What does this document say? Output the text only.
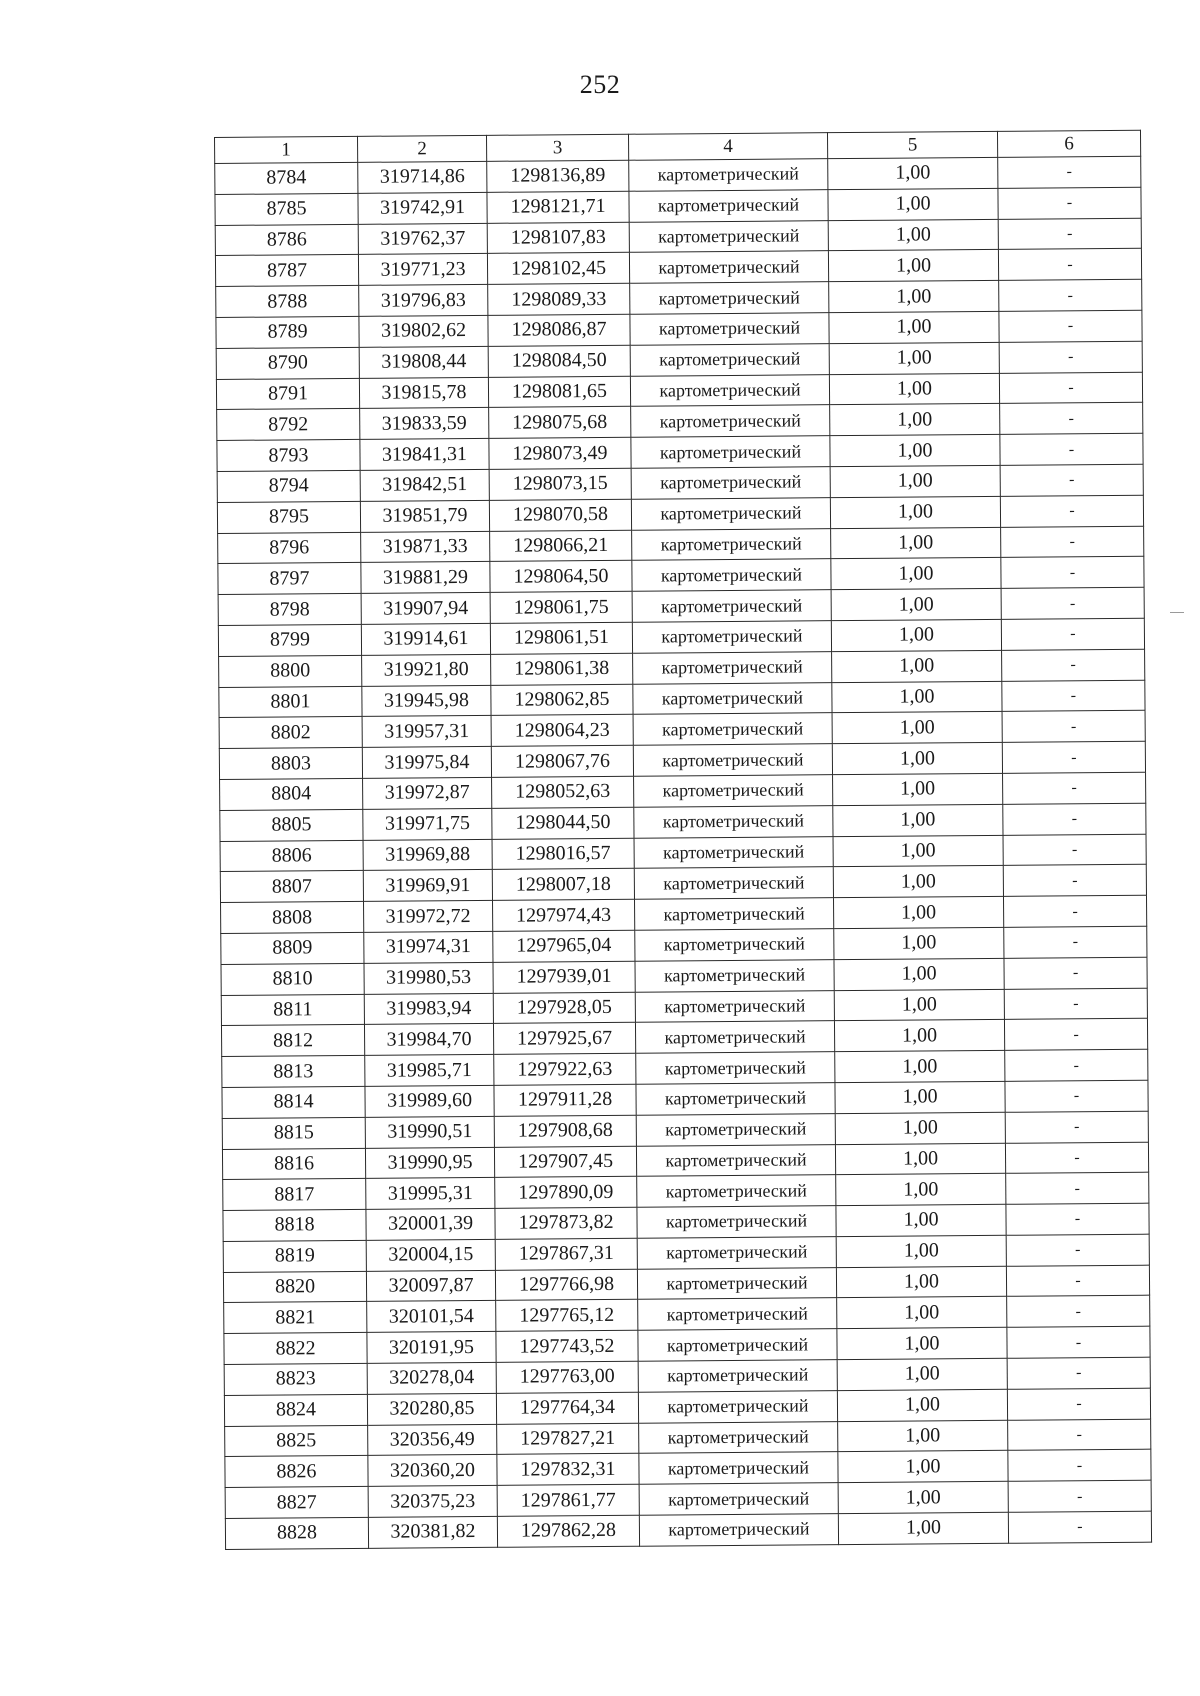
252
1	2	3	4	5	6
8784	319714,86	1298136,89	картометрический	1,00	-
8785	319742,91	1298121,71	картометрический	1,00	-
8786	319762,37	1298107,83	картометрический	1,00	-
8787	319771,23	1298102,45	картометрический	1,00	-
8788	319796,83	1298089,33	картометрический	1,00	-
8789	319802,62	1298086,87	картометрический	1,00	-
8790	319808,44	1298084,50	картометрический	1,00	-
8791	319815,78	1298081,65	картометрический	1,00	-
8792	319833,59	1298075,68	картометрический	1,00	-
8793	319841,31	1298073,49	картометрический	1,00	-
8794	319842,51	1298073,15	картометрический	1,00	-
8795	319851,79	1298070,58	картометрический	1,00	-
8796	319871,33	1298066,21	картометрический	1,00	-
8797	319881,29	1298064,50	картометрический	1,00	-
8798	319907,94	1298061,75	картометрический	1,00	-
8799	319914,61	1298061,51	картометрический	1,00	-
8800	319921,80	1298061,38	картометрический	1,00	-
8801	319945,98	1298062,85	картометрический	1,00	-
8802	319957,31	1298064,23	картометрический	1,00	-
8803	319975,84	1298067,76	картометрический	1,00	-
8804	319972,87	1298052,63	картометрический	1,00	-
8805	319971,75	1298044,50	картометрический	1,00	-
8806	319969,88	1298016,57	картометрический	1,00	-
8807	319969,91	1298007,18	картометрический	1,00	-
8808	319972,72	1297974,43	картометрический	1,00	-
8809	319974,31	1297965,04	картометрический	1,00	-
8810	319980,53	1297939,01	картометрический	1,00	-
8811	319983,94	1297928,05	картометрический	1,00	-
8812	319984,70	1297925,67	картометрический	1,00	-
8813	319985,71	1297922,63	картометрический	1,00	-
8814	319989,60	1297911,28	картометрический	1,00	-
8815	319990,51	1297908,68	картометрический	1,00	-
8816	319990,95	1297907,45	картометрический	1,00	-
8817	319995,31	1297890,09	картометрический	1,00	-
8818	320001,39	1297873,82	картометрический	1,00	-
8819	320004,15	1297867,31	картометрический	1,00	-
8820	320097,87	1297766,98	картометрический	1,00	-
8821	320101,54	1297765,12	картометрический	1,00	-
8822	320191,95	1297743,52	картометрический	1,00	-
8823	320278,04	1297763,00	картометрический	1,00	-
8824	320280,85	1297764,34	картометрический	1,00	-
8825	320356,49	1297827,21	картометрический	1,00	-
8826	320360,20	1297832,31	картометрический	1,00	-
8827	320375,23	1297861,77	картометрический	1,00	-
8828	320381,82	1297862,28	картометрический	1,00	-
